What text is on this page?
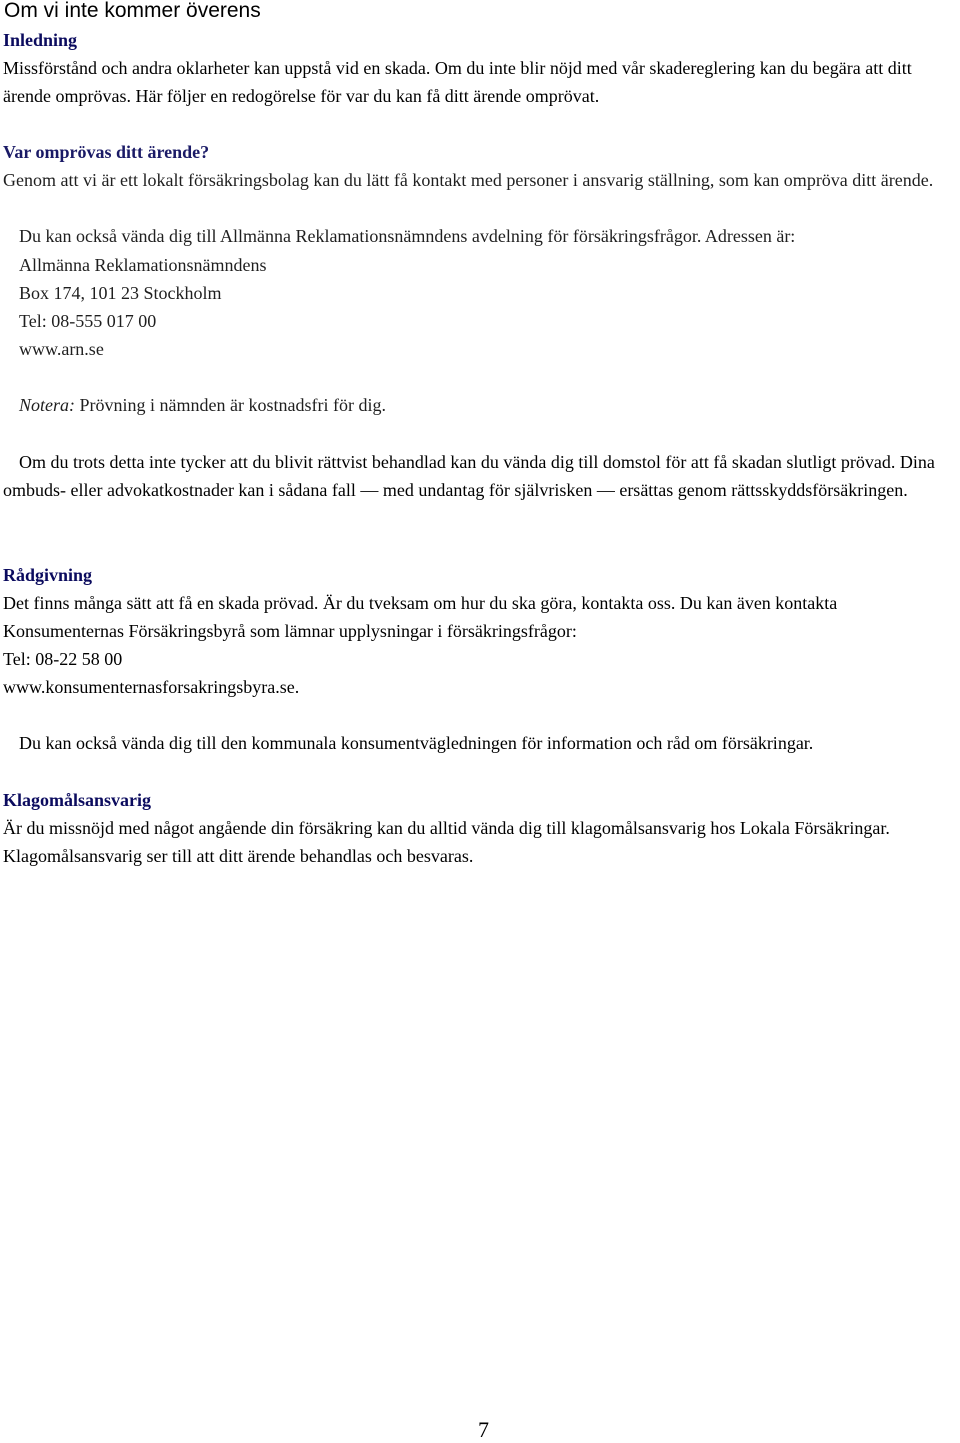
Om vi inte kommer överens
Inledning

Missförstånd och andra oklarheter kan uppstå vid en skada. Om du inte blir nöjd med vår skadereglering kan du begära att ditt ärende omprövas. Här följer en redogörelse för var du kan få ditt ärende omprövat.

Var omprövas ditt ärende?

Genom att vi är ett lokalt försäkringsbolag kan du lätt få kontakt med personer i ansvarig ställning, som kan ompröva ditt ärende.

Du kan också vända dig till Allmänna Reklamationsnämndens avdelning för försäkringsfrågor. Adressen är:

Allmänna Reklamationsnämndens
Box 174, 101 23 Stockholm
Tel: 08-555 017 00
www.arn.se
Notera: Prövning i nämnden är kostnadsfri för dig.

Om du trots detta inte tycker att du blivit rättvist behandlad kan du vända dig till domstol för att få skadan slutligt prövad. Dina ombuds- eller advokatkostnader kan i sådana fall — med undantag för självrisken — ersättas genom rättsskyddsförsäkringen.

Rådgivning

Det finns många sätt att få en skada prövad. Är du tveksam om hur du ska göra, kontakta oss. Du kan även kontakta Konsumenternas Försäkringsbyrå som lämnar upplysningar i försäkringsfrågor:

Tel: 08-22 58 00
www.konsumenternasforsakringsbyra.se.

Du kan också vända dig till den kommunala konsumentvägledningen för information och råd om försäkringar.

Klagomålsansvarig

Är du missnöjd med något angående din försäkring kan du alltid vända dig till klagomålsansvarig hos Lokala Försäkringar. Klagomålsansvarig ser till att ditt ärende behandlas och besvaras.

7
